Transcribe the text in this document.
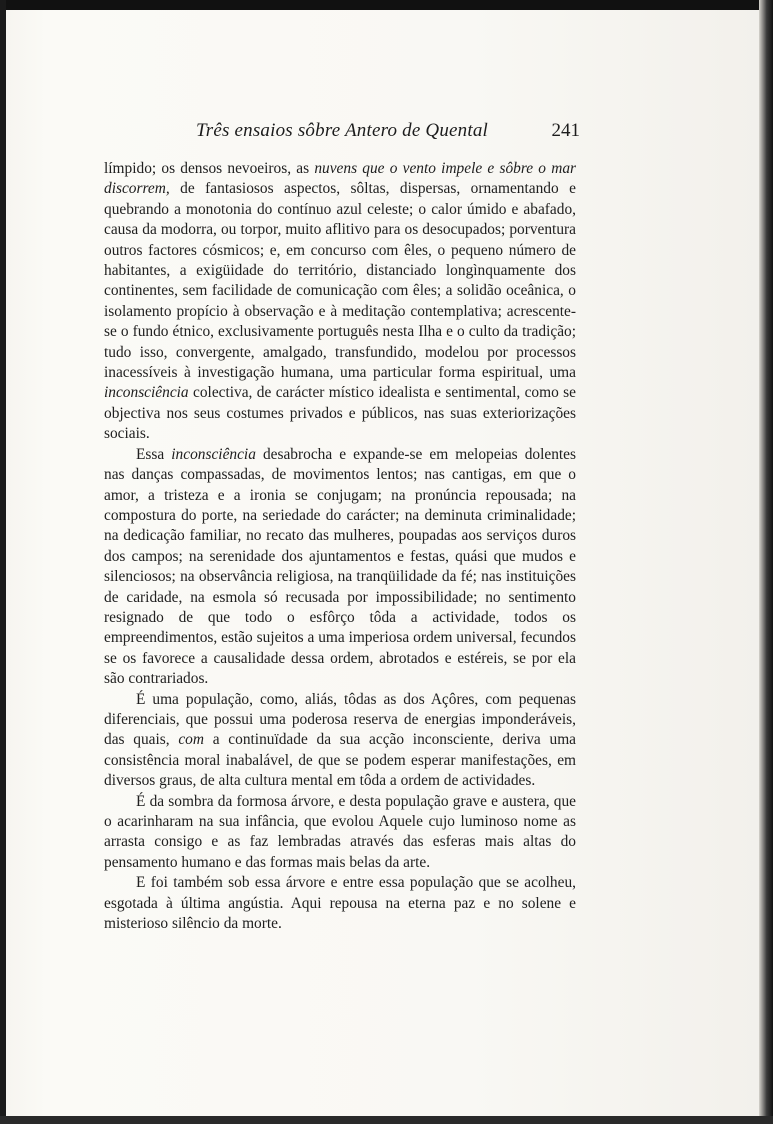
Três ensaios sôbre Antero de Quental	241

límpido; os densos nevoeiros, as nuvens que o vento impele e sôbre o mar discorrem, de fantasiosos aspectos, sôltas, dispersas, ornamentando e quebrando a monotonia do contínuo azul celeste; o calor úmido e abafado, causa da modorra, ou torpor, muito aflitivo para os desocupados; porventura outros factores cósmicos; e, em concurso com êles, o pequeno número de habitantes, a exigüidade do território, distanciado longìnquamente dos continentes, sem facilidade de comunicação com êles; a solidão oceânica, o isolamento propício à observação e à meditação contemplativa; acrescente-se o fundo étnico, exclusivamente português nesta Ilha e o culto da tradição; tudo isso, convergente, amalgado, transfundido, modelou por processos inacessíveis à investigação humana, uma particular forma espiritual, uma inconsciência colectiva, de carácter místico idealista e sentimental, como se objectiva nos seus costumes privados e públicos, nas suas exteriorizações sociais.

Essa inconsciência desabrocha e expande-se em melopeias dolentes nas danças compassadas, de movimentos lentos; nas cantigas, em que o amor, a tristeza e a ironia se conjugam; na pronúncia repousada; na compostura do porte, na seriedade do carácter; na deminuta criminalidade; na dedicação familiar, no recato das mulheres, poupadas aos serviços duros dos campos; na serenidade dos ajuntamentos e festas, quási que mudos e silenciosos; na observância religiosa, na tranqüilidade da fé; nas instituições de caridade, na esmola só recusada por impossibilidade; no sentimento resignado de que todo o esfôrço tôda a actividade, todos os empreendimentos, estão sujeitos a uma imperiosa ordem universal, fecundos se os favorece a causalidade dessa ordem, abrotados e estéreis, se por ela são contrariados.

É uma população, como, aliás, tôdas as dos Açôres, com pequenas diferenciais, que possui uma poderosa reserva de energias imponderáveis, das quais, com a continuïdade da sua acção inconsciente, deriva uma consistência moral inabalável, de que se podem esperar manifestações, em diversos graus, de alta cultura mental em tôda a ordem de actividades.

É da sombra da formosa árvore, e desta população grave e austera, que o acarinharam na sua infância, que evolou Aquele cujo luminoso nome as arrasta consigo e as faz lembradas através das esferas mais altas do pensamento humano e das formas mais belas da arte.

E foi também sob essa árvore e entre essa população que se acolheu, esgotada à última angústia. Aqui repousa na eterna paz e no solene e misterioso silêncio da morte.
